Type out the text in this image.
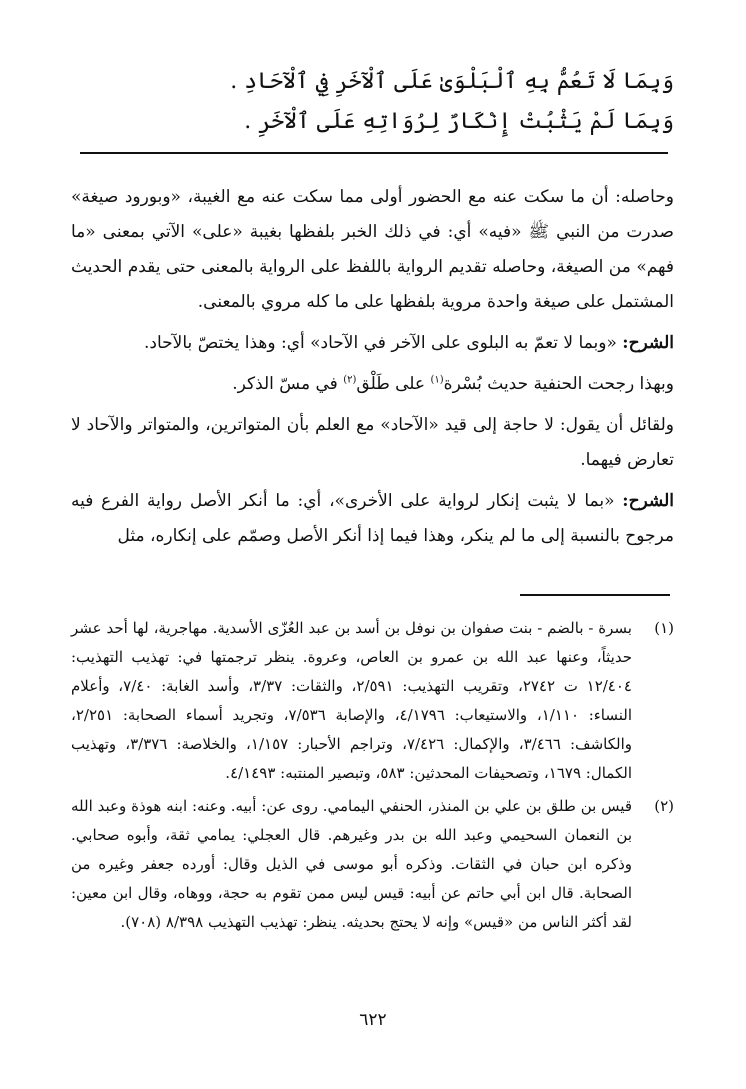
وَبِمَا لَا تَعُمُّ بِهِ ٱلْبَلْوَىٰ عَلَى ٱلْآخَرِ فِي ٱلْآحَادِ .
وَبِمَا لَمْ يَثْبُتْ إِنْكَارٌ لِرُوَاتِهِ عَلَى ٱلْآخَرِ .

وحاصله: أن ما سكت عنه مع الحضور أولى مما سكت عنه مع الغيبة، «وبورود صيغة» صدرت من النبي ﷺ «فيه» أي: في ذلك الخبر بلفظها بغيبة «على» الآتي بمعنى «ما فهم» من الصيغة، وحاصله تقديم الرواية باللفظ على الرواية بالمعنى حتى يقدم الحديث المشتمل على صيغة واحدة مروية بلفظها على ما كله مروي بالمعنى.

الشرح: «وبما لا تعمّ به البلوى على الآخر في الآحاد» أي: وهذا يختصّ بالآحاد.

وبهذا رجحت الحنفية حديث بُسْرة$^{(١)}$ على طَلْق$^{(٢)}$ في مسّ الذكر.

ولقائل أن يقول: لا حاجة إلى قيد «الآحاد» مع العلم بأن المتواترين، والمتواتر والآحاد لا تعارض فيهما.

الشرح: «بما لا يثبت إنكار لرواية على الأخرى»، أي: ما أنكر الأصل رواية الفرع فيه مرجوح بالنسبة إلى ما لم ينكر، وهذا فيما إذا أنكر الأصل وصمّم على إنكاره، مثل

(١)
بسرة - بالضم - بنت صفوان بن نوفل بن أسد بن عبد العُزّى الأسدية. مهاجرية، لها أحد عشر حديثاً، وعنها عبد الله بن عمرو بن العاص، وعروة. ينظر ترجمتها في: تهذيب التهذيب: ١٢/٤٠٤ ت ٢٧٤٢، وتقريب التهذيب: ٢/٥٩١، والثقات: ٣/٣٧، وأسد الغابة: ٧/٤٠، وأعلام النساء: ١/١١٠، والاستيعاب: ٤/١٧٩٦، والإصابة ٧/٥٣٦، وتجريد أسماء الصحابة: ٢/٢٥١، والكاشف: ٣/٤٦٦، والإكمال: ٧/٤٢٦، وتراجم الأحبار: ١/١٥٧، والخلاصة: ٣/٣٧٦، وتهذيب الكمال: ١٦٧٩، وتصحيفات المحدثين: ٥٨٣، وتبصير المنتبه: ٤/١٤٩٣.
(٢)
قيس بن طلق بن علي بن المنذر، الحنفي اليمامي. روى عن: أبيه. وعنه: ابنه هوذة وعبد الله بن النعمان السحيمي وعبد الله بن بدر وغيرهم. قال العجلي: يمامي ثقة، وأبوه صحابي. وذكره ابن حبان في الثقات. وذكره أبو موسى في الذيل وقال: أورده جعفر وغيره من الصحابة. قال ابن أبي حاتم عن أبيه: قيس ليس ممن تقوم به حجة، ووهاه، وقال ابن معين: لقد أكثر الناس من «قيس» وإنه لا يحتج بحديثه. ينظر: تهذيب التهذيب ٨/٣٩٨ (٧٠٨).
٦٢٢
